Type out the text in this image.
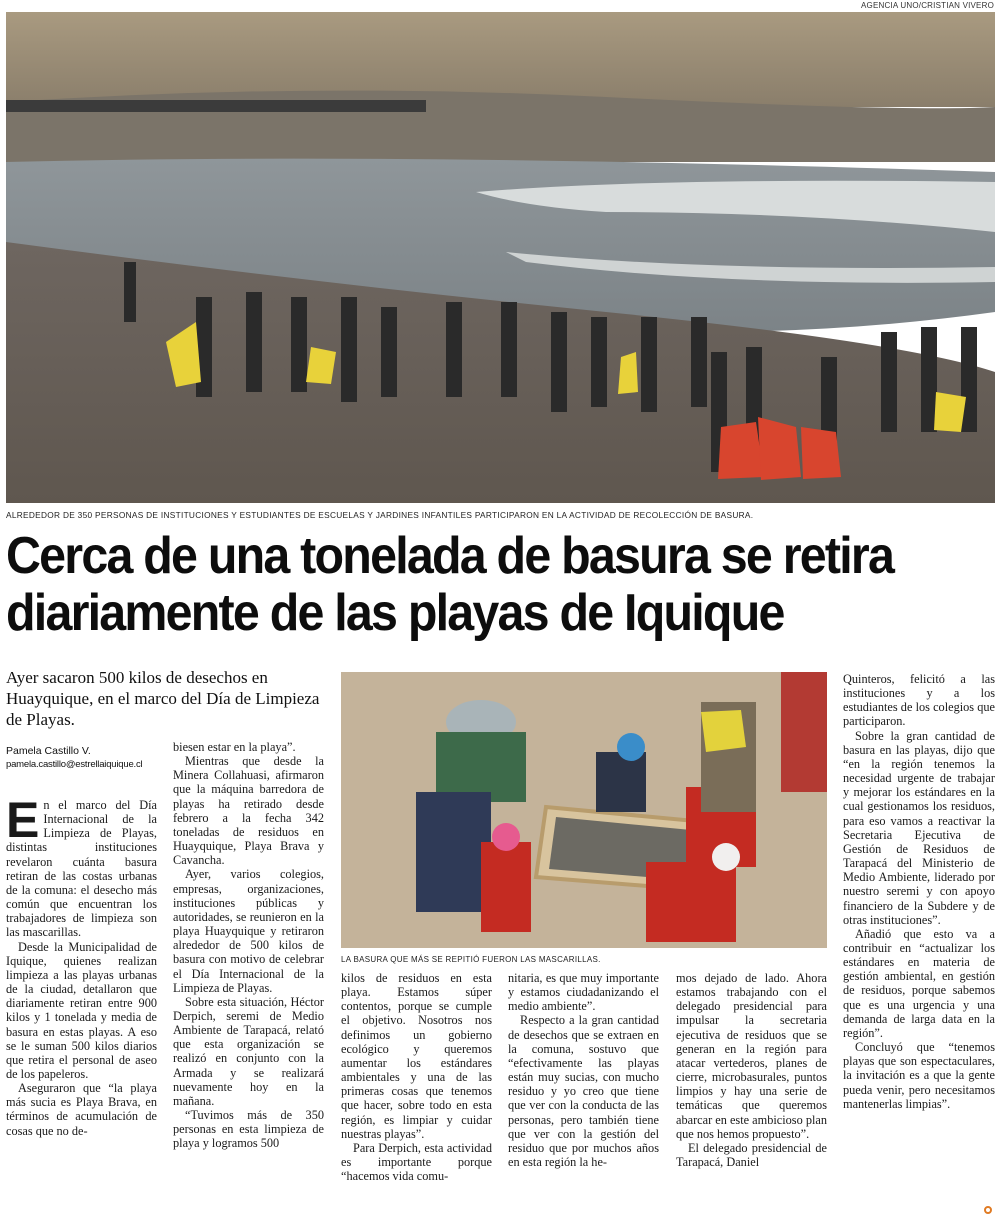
AGENCIA UNO/CRISTIAN VIVERO
ALREDEDOR DE 350 PERSONAS DE INSTITUCIONES Y ESTUDIANTES DE ESCUELAS Y JARDINES INFANTILES PARTICIPARON EN LA ACTIVIDAD DE RECOLECCIÓN DE BASURA.
Cerca de una tonelada de basura se retira
diariamente de las playas de Iquique
Ayer sacaron 500 kilos de desechos en Huayquique, en el marco del Día de Limpieza de Playas.
Pamela Castillo V.
pamela.castillo@estrellaiquique.cl
LA BASURA QUE MÁS SE REPITIÓ FUERON LAS MASCARILLAS.

En el marco del Día Internacional de la Limpieza de Playas, distintas instituciones revelaron cuánta basura retiran de las costas urbanas de la comuna: el desecho más común que encuentran los trabajadores de limpieza son las mascarillas.

Desde la Municipalidad de Iquique, quienes realizan limpieza a las playas urbanas de la ciudad, detallaron que diariamente retiran entre 900 kilos y 1 tonelada y media de basura en estas playas. A eso se le suman 500 kilos diarios que retira el personal de aseo de los papeleros.

Aseguraron que “la playa más sucia es Playa Brava, en términos de acumulación de cosas que no de-

biesen estar en la playa”.

Mientras que desde la Minera Collahuasi, afirmaron que la máquina barredora de playas ha retirado desde febrero a la fecha 342 toneladas de residuos en Huayquique, Playa Brava y Cavancha.

Ayer, varios colegios, empresas, organizaciones, instituciones públicas y autoridades, se reunieron en la playa Huayquique y retiraron alrededor de 500 kilos de basura con motivo de celebrar el Día Internacional de la Limpieza de Playas.

Sobre esta situación, Héctor Derpich, seremi de Medio Ambiente de Tarapacá, relató que esta organización se realizó en conjunto con la Armada y se realizará nuevamente hoy en la mañana.

“Tuvimos más de 350 personas en esta limpieza de playa y logramos 500

kilos de residuos en esta playa. Estamos súper contentos, porque se cumple el objetivo. Nosotros nos definimos un gobierno ecológico y queremos aumentar los estándares ambientales y una de las primeras cosas que tenemos que hacer, sobre todo en esta región, es limpiar y cuidar nuestras playas”.

Para Derpich, esta actividad es importante porque “hacemos vida comu-

nitaria, es que muy importante y estamos ciudadanizando el medio ambiente”.

Respecto a la gran cantidad de desechos que se extraen en la comuna, sostuvo que “efectivamente las playas están muy sucias, con mucho residuo y yo creo que tiene que ver con la conducta de las personas, pero también tiene que ver con la gestión del residuo que por muchos años en esta región la he-

mos dejado de lado. Ahora estamos trabajando con el delegado presidencial para impulsar la secretaria ejecutiva de residuos que se generan en la región para atacar vertederos, planes de cierre, microbasurales, puntos limpios y hay una serie de temáticas que queremos abarcar en este ambicioso plan que nos hemos propuesto”.

El delegado presidencial de Tarapacá, Daniel

Quinteros, felicitó a las instituciones y a los estudiantes de los colegios que participaron.

Sobre la gran cantidad de basura en las playas, dijo que “en la región tenemos la necesidad urgente de trabajar y mejorar los estándares en la cual gestionamos los residuos, para eso vamos a reactivar la Secretaria Ejecutiva de Gestión de Residuos de Tarapacá del Ministerio de Medio Ambiente, liderado por nuestro seremi y con apoyo financiero de la Subdere y de otras instituciones”.

Añadió que esto va a contribuir en “actualizar los estándares en materia de gestión ambiental, en gestión de residuos, porque sabemos que es una urgencia y una demanda de larga data en la región”.

Concluyó que “tenemos playas que son espectaculares, la invitación es a que la gente pueda venir, pero necesitamos mantenerlas limpias”.
